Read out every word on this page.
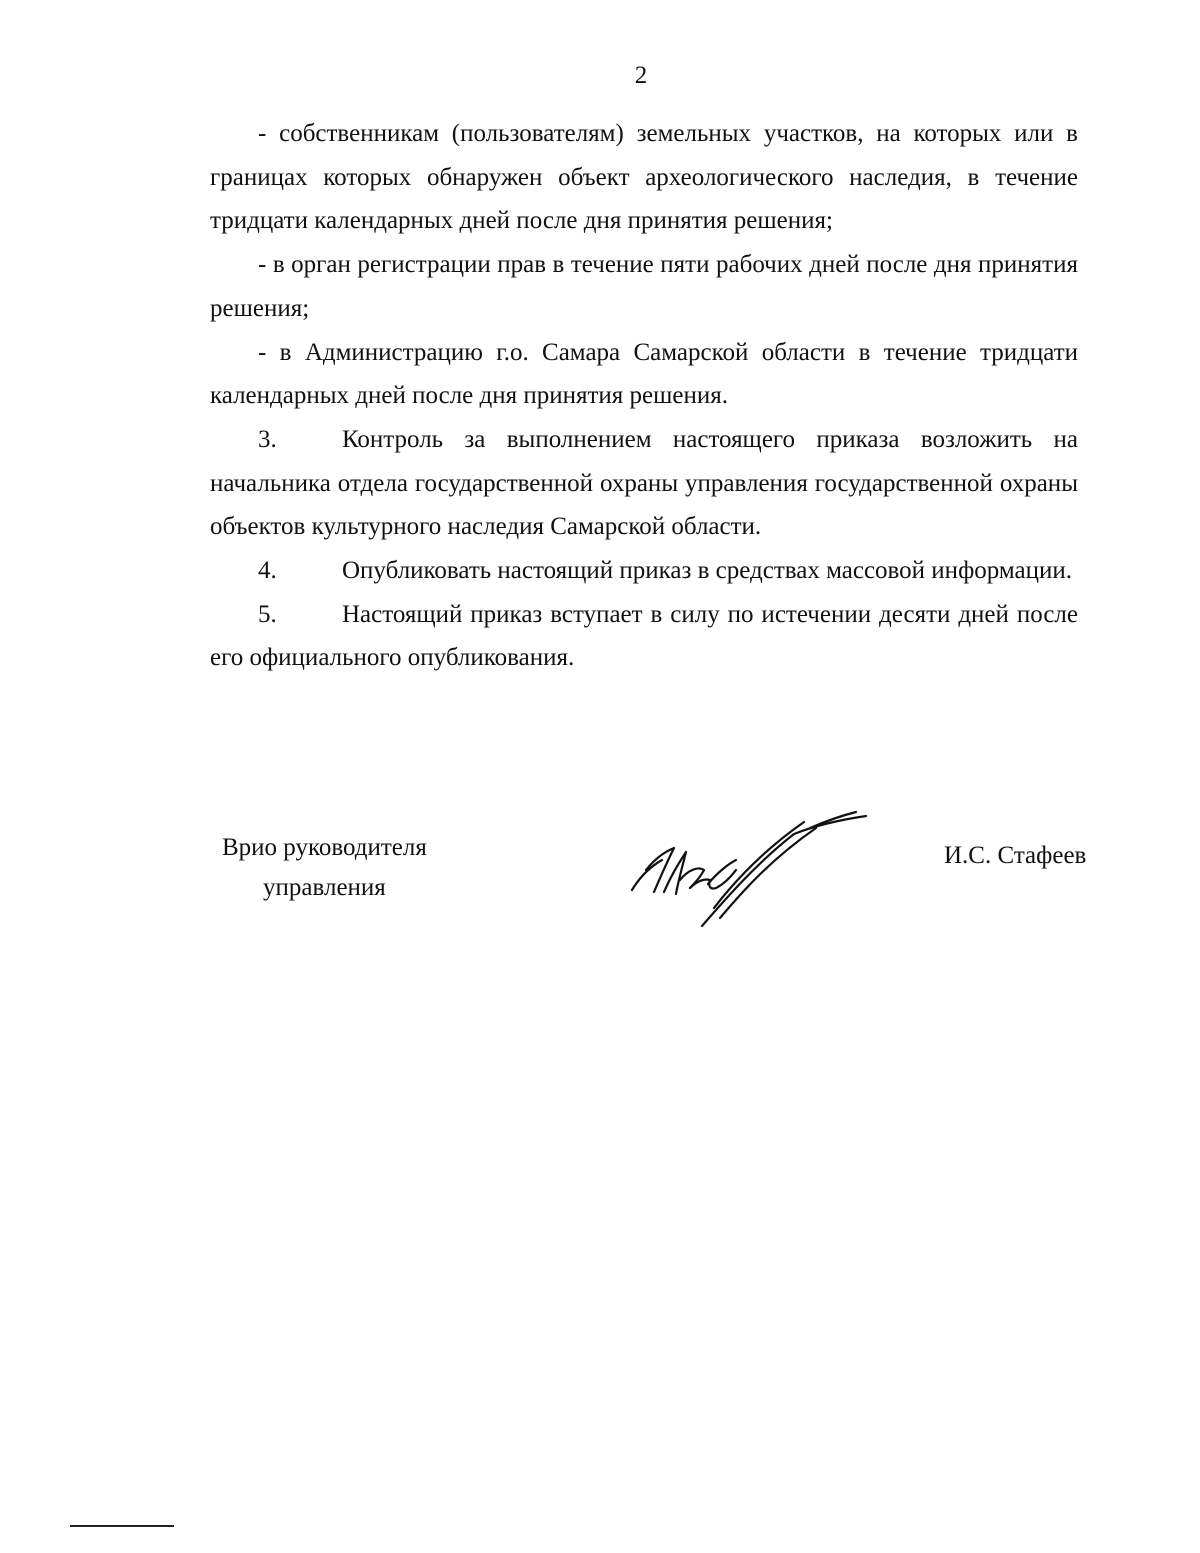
2

- собственникам (пользователям) земельных участков, на которых или в границах которых обнаружен объект археологического наследия, в течение тридцати календарных дней после дня принятия решения;

- в орган регистрации прав в течение пяти рабочих дней после дня принятия решения;

- в Администрацию г.о. Самара Самарской области в течение тридцати календарных дней после дня принятия решения.

3.	Контроль за выполнением настоящего приказа возложить на начальника отдела государственной охраны управления государственной охраны объектов культурного наследия Самарской области.

4.	Опубликовать настоящий приказ в средствах массовой информации.

5.	Настоящий приказ вступает в силу по истечении десяти дней после его официального опубликования.

Врио руководителя
управления
И.С. Стафеев
